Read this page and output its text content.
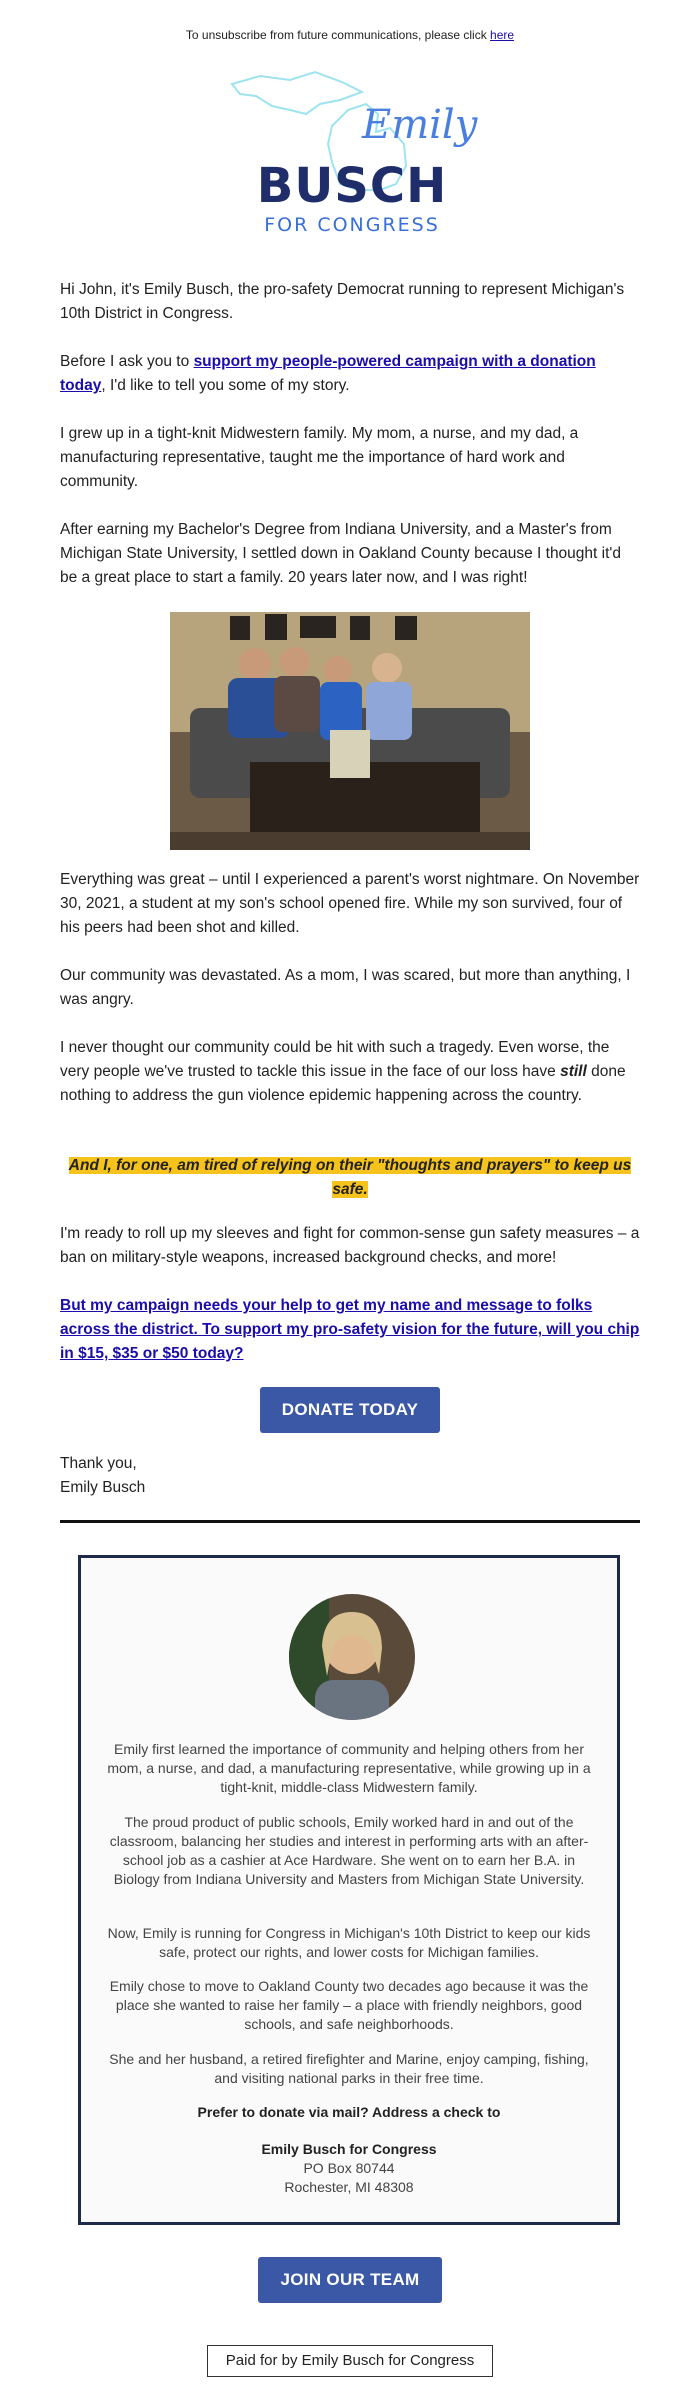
To unsubscribe from future communications, please click here
Emily
BUSCH
FOR CONGRESS

Hi John, it's Emily Busch, the pro-safety Democrat running to represent Michigan's 10th District in Congress.

Before I ask you to support my people-powered campaign with a donation today, I'd like to tell you some of my story.

I grew up in a tight-knit Midwestern family. My mom, a nurse, and my dad, a manufacturing representative, taught me the importance of hard work and community.

After earning my Bachelor's Degree from Indiana University, and a Master's from Michigan State University, I settled down in Oakland County because I thought it'd be a great place to start a family. 20 years later now, and I was right!

Everything was great – until I experienced a parent's worst nightmare. On November 30, 2021, a student at my son's school opened fire. While my son survived, four of his peers had been shot and killed.

Our community was devastated. As a mom, I was scared, but more than anything, I was angry.

I never thought our community could be hit with such a tragedy. Even worse, the very people we've trusted to tackle this issue in the face of our loss have still done nothing to address the gun violence epidemic happening across the country.

And I, for one, am tired of relying on their "thoughts and prayers" to keep us safe.

I'm ready to roll up my sleeves and fight for common-sense gun safety measures – a ban on military-style weapons, increased background checks, and more!

But my campaign needs your help to get my name and message to folks across the district. To support my pro-safety vision for the future, will you chip in $15, $35 or $50 today?
DONATE TODAY

Thank you,

Emily Busch

Emily first learned the importance of community and helping others from her mom, a nurse, and dad, a manufacturing representative, while growing up in a tight-knit, middle-class Midwestern family.

The proud product of public schools, Emily worked hard in and out of the classroom, balancing her studies and interest in performing arts with an after-school job as a cashier at Ace Hardware. She went on to earn her B.A. in Biology from Indiana University and Masters from Michigan State University.

Now, Emily is running for Congress in Michigan's 10th District to keep our kids safe, protect our rights, and lower costs for Michigan families.

Emily chose to move to Oakland County two decades ago because it was the place she wanted to raise her family – a place with friendly neighbors, good schools, and safe neighborhoods.

She and her husband, a retired firefighter and Marine, enjoy camping, fishing, and visiting national parks in their free time.

Prefer to donate via mail? Address a check to

Emily Busch for Congress

PO Box 80744

Rochester, MI 48308

JOIN OUR TEAM
Paid for by Emily Busch for Congress
